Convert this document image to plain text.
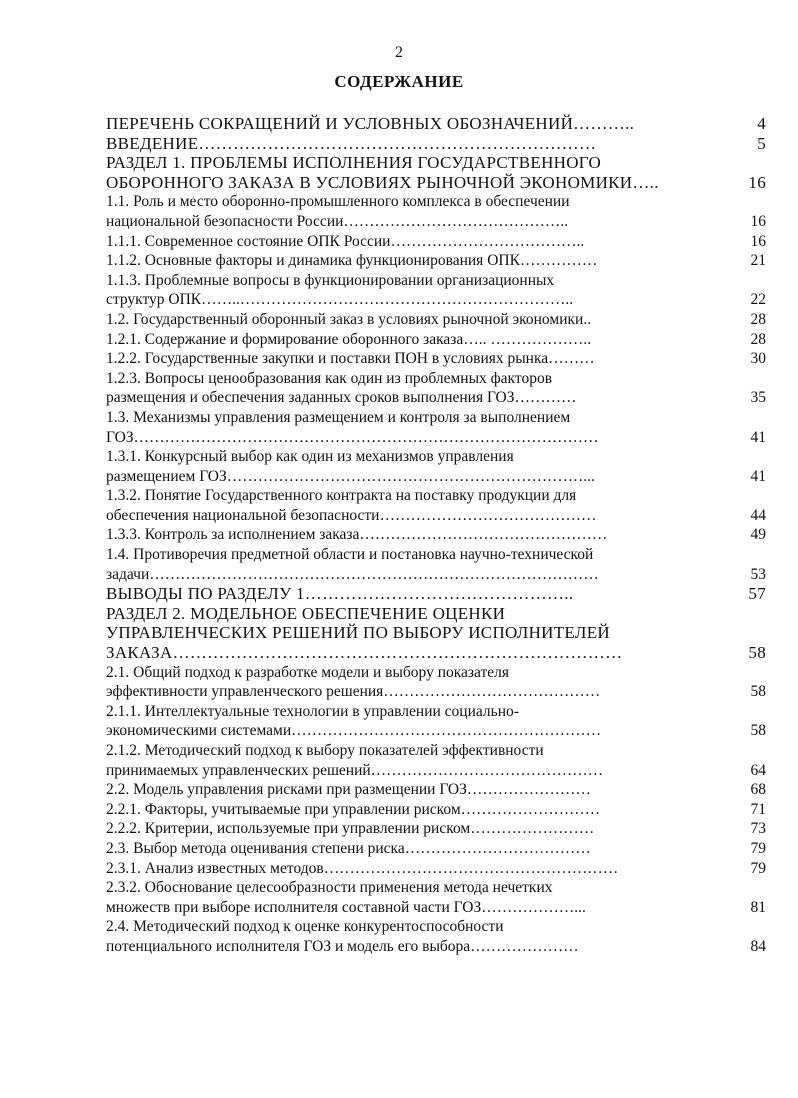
2
СОДЕРЖАНИЕ
ПЕРЕЧЕНЬ СОКРАЩЕНИЙ И УСЛОВНЫХ ОБОЗНАЧЕНИЙ………..	4
ВВЕДЕНИЕ……………………………………………………………	5
РАЗДЕЛ 1. ПРОБЛЕМЫ ИСПОЛНЕНИЯ ГОСУДАРСТВЕННОГО
ОБОРОННОГО ЗАКАЗА В УСЛОВИЯХ РЫНОЧНОЙ ЭКОНОМИКИ…..	16
1.1. Роль и место оборонно-промышленного комплекса в обеспечении
национальной безопасности России……………………………………..	16
1.1.1. Современное состояние ОПК России………………………………..	16
1.1.2. Основные факторы и динамика функционирования ОПК……………	21
1.1.3. Проблемные вопросы в функционировании организационных
структур ОПК……..………………………………………………………..	22
1.2. Государственный оборонный заказ в условиях рыночной экономики..	28
1.2.1. Содержание и формирование оборонного заказа….. ………………..	28
1.2.2. Государственные закупки и поставки ПОН в условиях рынка………	30
1.2.3. Вопросы ценообразования как один из проблемных факторов
размещения и обеспечения заданных сроков выполнения ГОЗ…………	35
1.3. Механизмы управления размещением и контроля за выполнением
ГОЗ………………………………………………………………………………	41
1.3.1. Конкурсный выбор как один из механизмов управления
размещением ГОЗ……………………………………………………………...	41
1.3.2. Понятие Государственного контракта на поставку продукции для
обеспечения национальной безопасности……………………………………	44
1.3.3. Контроль за исполнением заказа…………………………………………	49
1.4. Противоречия предметной области и постановка научно-технической
задачи……………………………………………………………………………	53
ВЫВОДЫ ПО РАЗДЕЛУ 1………………………………………..	57
РАЗДЕЛ 2. МОДЕЛЬНОЕ ОБЕСПЕЧЕНИЕ ОЦЕНКИ
УПРАВЛЕНЧЕСКИХ РЕШЕНИЙ ПО ВЫБОРУ ИСПОЛНИТЕЛЕЙ
ЗАКАЗА……………………………………………………………………	58
2.1. Общий подход к разработке модели и выбору показателя
эффективности управленческого решения……………………………………	58
2.1.1. Интеллектуальные технологии в управлении социально-
экономическими системами……………………………………………………	58
2.1.2. Методический подход к выбору показателей эффективности
принимаемых управленческих решений………………………………………	64
2.2. Модель управления рисками при размещении ГОЗ……………………	68
2.2.1. Факторы, учитываемые при управлении риском………………………	71
2.2.2. Критерии, используемые при управлении риском……………………	73
2.3. Выбор метода оценивания степени риска………………………………	79
2.3.1. Анализ известных методов…………………………………………………	79
2.3.2. Обоснование целесообразности применения метода нечетких
множеств при выборе исполнителя составной части ГОЗ………………...	81
2.4. Методический подход к оценке конкурентоспособности
потенциального исполнителя ГОЗ и модель его выбора…………………	84
